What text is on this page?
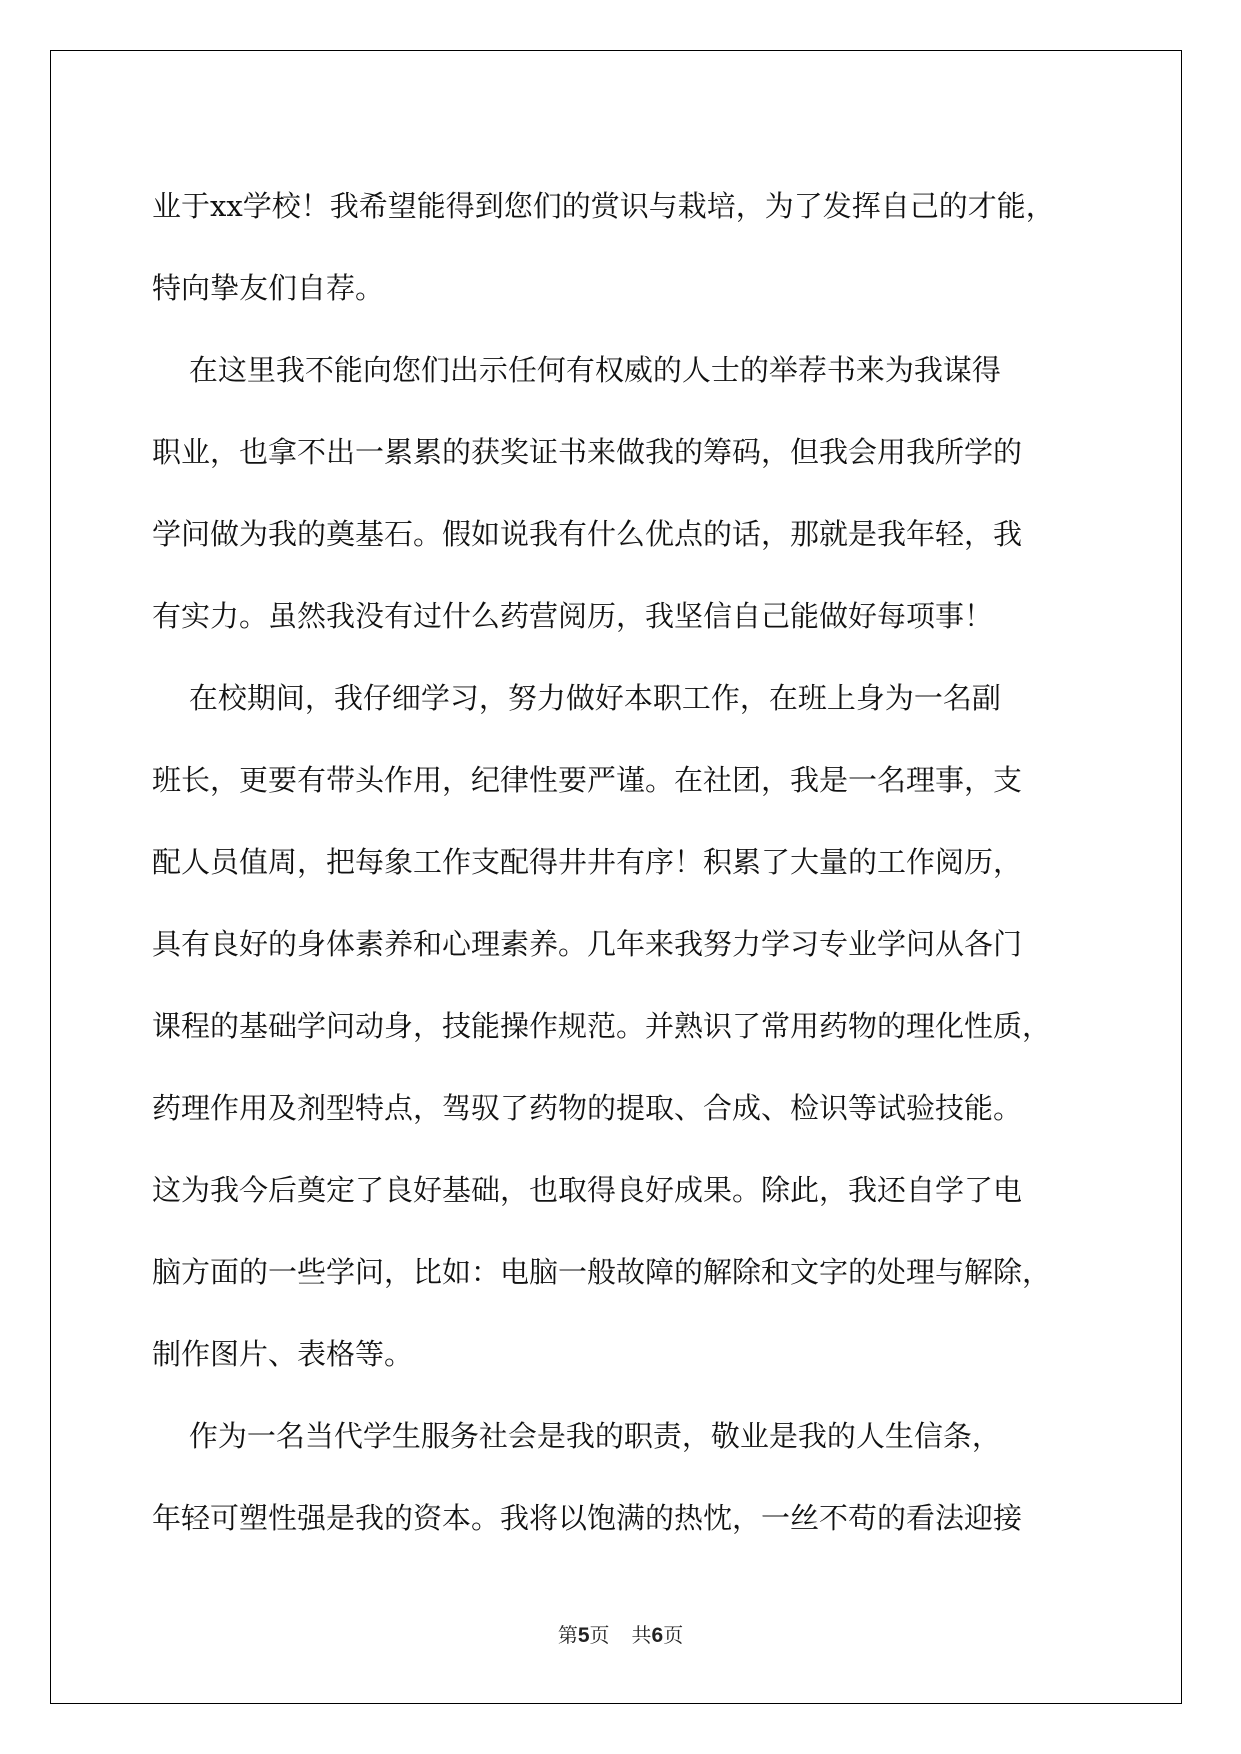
业于xx学校！我希望能得到您们的赏识与栽培，为了发挥自己的才能，

特向挚友们自荐。

在这里我不能向您们出示任何有权威的人士的举荐书来为我谋得

职业，也拿不出一累累的获奖证书来做我的筹码，但我会用我所学的

学问做为我的奠基石。假如说我有什么优点的话，那就是我年轻，我

有实力。虽然我没有过什么药营阅历，我坚信自己能做好每项事！

在校期间，我仔细学习，努力做好本职工作，在班上身为一名副

班长，更要有带头作用，纪律性要严谨。在社团，我是一名理事，支

配人员值周，把每象工作支配得井井有序！积累了大量的工作阅历，

具有良好的身体素养和心理素养。几年来我努力学习专业学问从各门

课程的基础学问动身，技能操作规范。并熟识了常用药物的理化性质，

药理作用及剂型特点，驾驭了药物的提取、合成、检识等试验技能。

这为我今后奠定了良好基础，也取得良好成果。除此，我还自学了电

脑方面的一些学问，比如：电脑一般故障的解除和文字的处理与解除，

制作图片、表格等。

作为一名当代学生服务社会是我的职责，敬业是我的人生信条，

年轻可塑性强是我的资本。我将以饱满的热忱，一丝不苟的看法迎接

第5页 共6页
